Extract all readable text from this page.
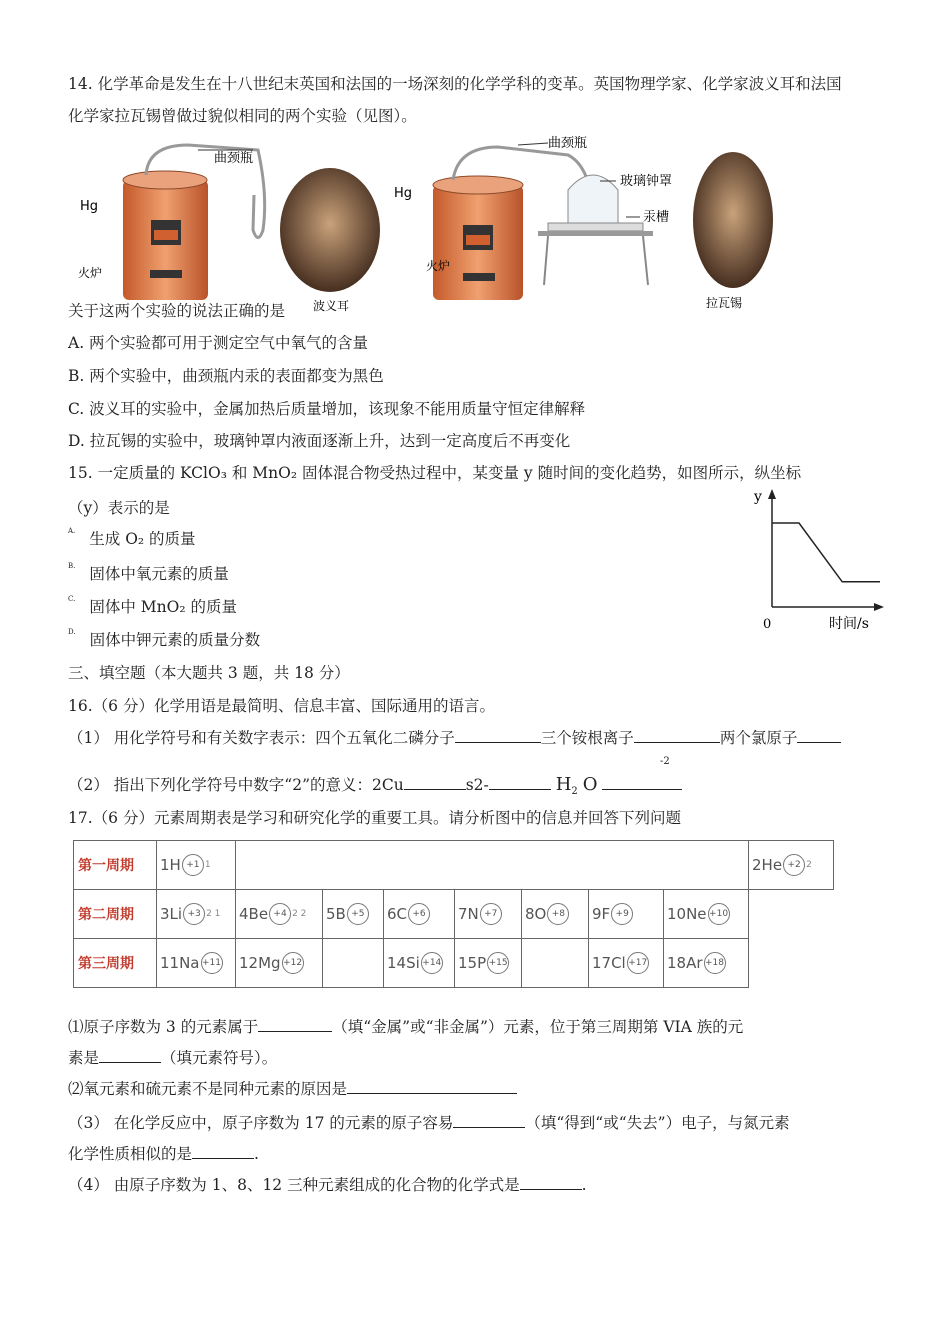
14. 化学革命是发生在十八世纪末英国和法国的一场深刻的化学学科的变革。英国物理学家、化学家波义耳和法国
化学家拉瓦锡曾做过貌似相同的两个实验（见图）。
Hg
火炉
曲颈瓶
波义耳
Hg
火炉
曲颈瓶
玻璃钟罩
汞槽
拉瓦锡
关于这两个实验的说法正确的是
A. 两个实验都可用于测定空气中氧气的含量
B. 两个实验中，曲颈瓶内汞的表面都变为黑色
C. 波义耳的实验中，金属加热后质量增加，该现象不能用质量守恒定律解释
D. 拉瓦锡的实验中，玻璃钟罩内液面逐渐上升，达到一定高度后不再变化
15. 一定质量的 KClO₃ 和 MnO₂ 固体混合物受热过程中，某变量 y 随时间的变化趋势，如图所示，纵坐标
（y）表示的是
$^{A.}$ 生成 O₂ 的质量
$^{B.}$ 固体中氧元素的质量
$^{C.}$ 固体中 MnO₂ 的质量
$^{D.}$ 固体中钾元素的质量分数
y
0	时间/s
三、填空题（本大题共 3 题，共 18 分）
16.（6 分）化学用语是最简明、信息丰富、国际通用的语言。
（1） 用化学符号和有关数字表示：四个五氧化二磷分子	三个铵根离子	两个氯原子
-2
（2） 指出下列化学符号中数字“2”的意义：2Cu	s2-	$H_2$ O
17.（6 分）元素周期表是学习和研究化学的重要工具。请分析图中的信息并回答下列问题
第一周期	1H +1 1								2He +2 2

第二周期	3Li +3 2 1	4Be +4 2 2	5B +5	6C +6	7N +7	8O +8	9F +9	10Ne +10	

第三周期	11Na +11	12Mg +12		14Si +14	15P +15		17Cl +17	18Ar +18	
⑴原子序数为 3 的元素属于	（填“金属”或“非金属”）元素，位于第三周期第 VIA 族的元
素是	（填元素符号）。
⑵氧元素和硫元素不是同种元素的原因是
（3） 在化学反应中，原子序数为 17 的元素的原子容易	（填“得到“或“失去”）电子，与氮元素
化学性质相似的是	.
（4） 由原子序数为 1、8、12 三种元素组成的化合物的化学式是	.
